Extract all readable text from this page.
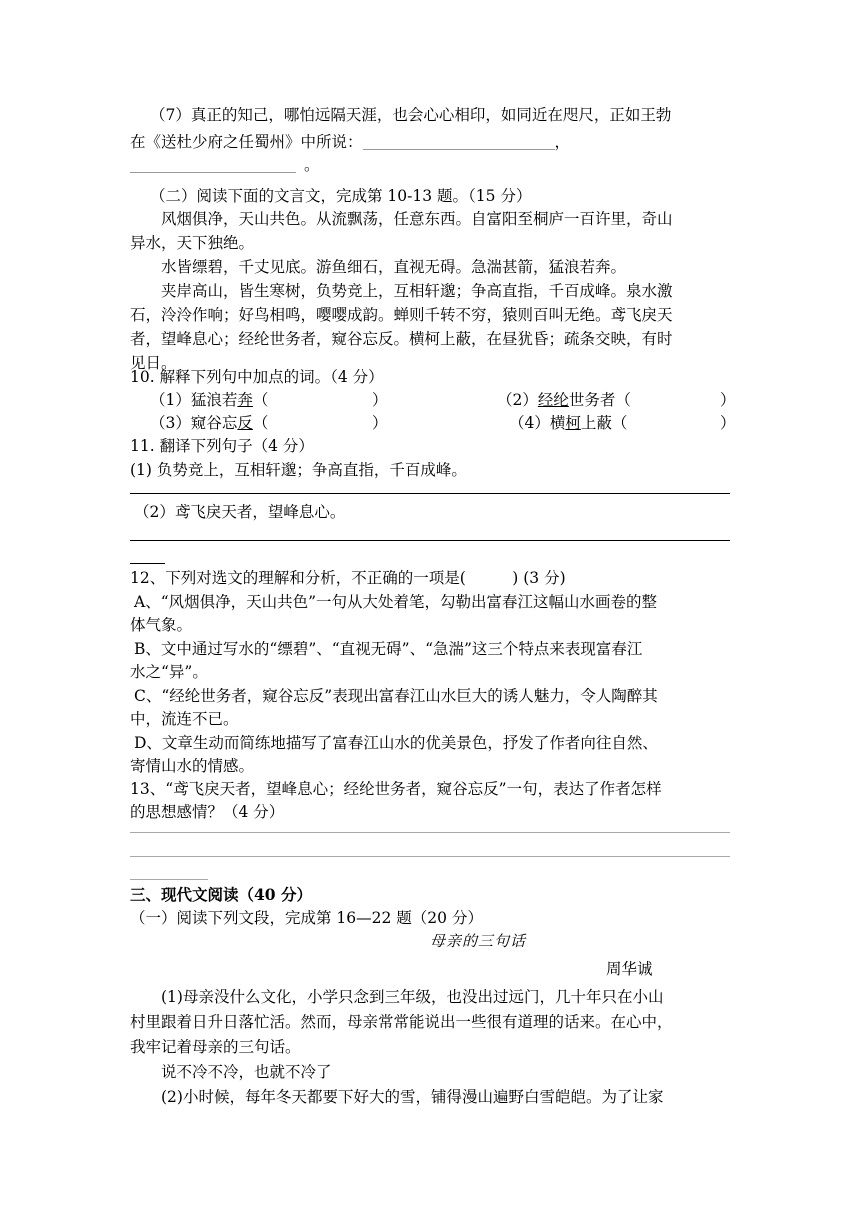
（7）真正的知己，哪怕远隔天涯，也会心心相印，如同近在咫尺，正如王勃
在《送杜少府之任蜀州》中所说：	，
。
（二）阅读下面的文言文，完成第 10-13 题。（15 分）
风烟俱净，天山共色。从流飘荡，任意东西。自富阳至桐庐一百许里，奇山
异水，天下独绝。
水皆缥碧，千丈见底。游鱼细石，直视无碍。急湍甚箭，猛浪若奔。
夹岸高山，皆生寒树，负势竞上，互相轩邈；争高直指，千百成峰。泉水激
石，泠泠作响；好鸟相鸣，嘤嘤成韵。蝉则千转不穷，猿则百叫无绝。鸢飞戾天
者，望峰息心；经纶世务者，窥谷忘反。横柯上蔽，在昼犹昏；疏条交映，有时
见日。
10. 解释下列句中加点的词。（4 分）
（1）猛浪若奔（	）	（2）经纶世务者（	）
（3）窥谷忘反（	）	（4）横柯上蔽（	）
11. 翻译下列句子（4 分）
(1) 负势竞上，互相轩邈；争高直指，千百成峰。
（2）鸢飞戾天者，望峰息心。
12、下列对选文的理解和分析，不正确的一项是(　　　) (3 分)
A、“风烟俱净，天山共色”一句从大处着笔，勾勒出富春江这幅山水画卷的整
体气象。
B、文中通过写水的“缥碧”、“直视无碍”、“急湍”这三个特点来表现富春江
水之“异”。
C、“经纶世务者，窥谷忘反”表现出富春江山水巨大的诱人魅力，令人陶醉其
中，流连不已。
D、文章生动而简练地描写了富春江山水的优美景色，抒发了作者向往自然、
寄情山水的情感。
13、“鸢飞戾天者，望峰息心；经纶世务者，窥谷忘反”一句，表达了作者怎样
的思想感情？（4 分）
三、现代文阅读（40 分）
（一）阅读下列文段，完成第 16—22 题（20 分）
母亲的三句话
周华诚
(1)母亲没什么文化，小学只念到三年级，也没出过远门，几十年只在小山
村里跟着日升日落忙活。然而，母亲常常能说出一些很有道理的话来。在心中，
我牢记着母亲的三句话。
说不冷不冷，也就不冷了
(2)小时候，每年冬天都要下好大的雪，铺得漫山遍野白雪皑皑。为了让家
